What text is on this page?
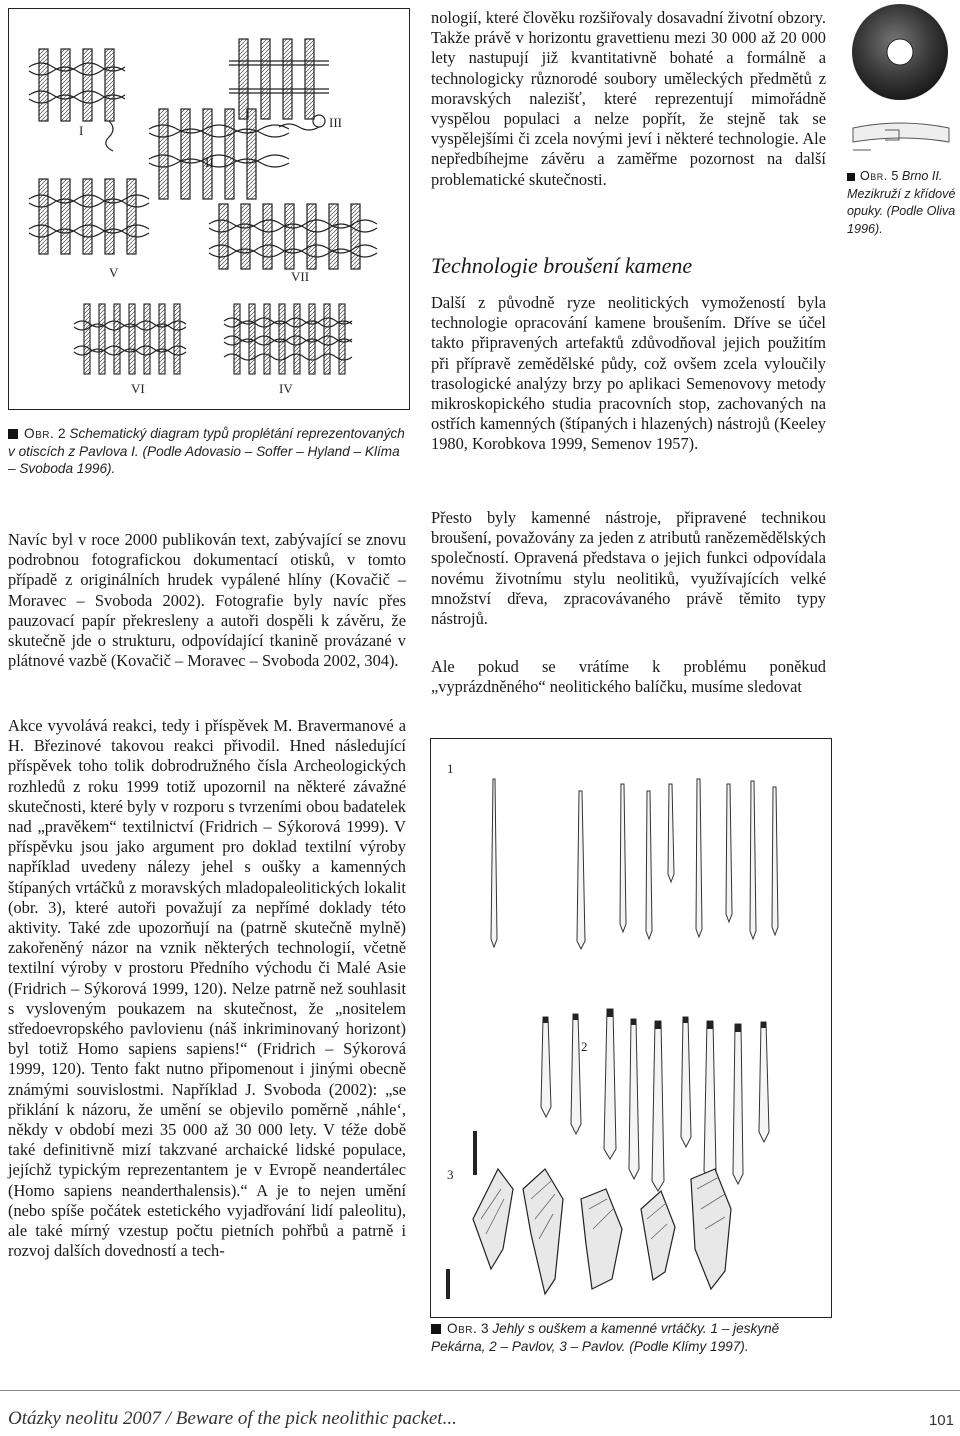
I
II
III
V	VII
VI	IV
Obr. 2 Schematický diagram typů proplétání reprezentovaných v otiscích z Pavlova I. (Podle Adovasio – Soffer – Hyland – Klíma – Svoboda 1996).

Navíc byl v roce 2000 publikován text, zabývající se znovu podrobnou fotografickou dokumentací otisků, v tomto případě z originálních hrudek vypálené hlíny (Kovačič – Moravec – Svoboda 2002). Fotografie byly navíc přes pauzovací papír překresleny a autoři dospěli k závěru, že skutečně jde o strukturu, odpovídající tkanině provázané v plátnové vazbě (Kovačič – Moravec – Svoboda 2002, 304).

Akce vyvolává reakci, tedy i příspěvek M. Bravermanové a H. Březinové takovou reakci přivodil. Hned následující příspěvek toho tolik dobrodružného čísla Archeologických rozhledů z roku 1999 totiž upozornil na některé závažné skutečnosti, které byly v rozporu s tvrzeními obou badatelek nad „pravěkem“ textilnictví (Fridrich – Sýkorová 1999). V příspěvku jsou jako argument pro doklad textilní výroby například uvedeny nálezy jehel s oušky a kamenných štípaných vrtáčků z moravských mladopaleolitických lokalit (obr. 3), které autoři považují za nepřímé doklady této aktivity. Také zde upozorňují na (patrně skutečně mylně) zakořeněný názor na vznik některých technologií, včetně textilní výroby v prostoru Předního východu či Malé Asie (Fridrich – Sýkorová 1999, 120). Nelze patrně než souhlasit s vysloveným poukazem na skutečnost, že „nositelem středoevropského pavlovienu (náš inkriminovaný horizont) byl totiž Homo sapiens sapiens!“ (Fridrich – Sýkorová 1999, 120). Tento fakt nutno připomenout i jinými obecně známými souvislostmi. Například J. Svoboda (2002): „se přiklání k názoru, že umění se objevilo poměrně ‚náhle‘, někdy v období mezi 35 000 až 30 000 lety. V téže době také definitivně mizí takzvané archaické lidské populace, jejíchž typickým reprezentantem je v Evropě neandertálec (Homo sapiens neanderthalensis).“ A je to nejen umění (nebo spíše počátek estetického vyjadřování lidí paleolitu), ale také mírný vzestup počtu pietních pohřbů a patrně i rozvoj dalších dovedností a tech-

nologií, které člověku rozšiřovaly dosavadní životní obzory. Takže právě v horizontu gravettienu mezi 30 000 až 20 000 lety nastupují již kvantitativně bohaté a formálně a technologicky různorodé soubory uměleckých předmětů z moravských nalezišť, které reprezentují mimořádně vyspělou populaci a nelze popřít, že stejně tak se vyspělejšími či zcela novými jeví i některé technologie. Ale nepředbíhejme závěru a zaměřme pozornost na další problematické skutečnosti.

Technologie broušení kamene

Další z původně ryze neolitických vymožeností byla technologie opracování kamene broušením. Dříve se účel takto připravených artefaktů zdůvodňoval jejich použitím při přípravě zemědělské půdy, což ovšem zcela vyloučily trasologické analýzy brzy po aplikaci Semenovovy metody mikroskopického studia pracovních stop, zachovaných na ostřích kamenných (štípaných i hlazených) nástrojů (Keeley 1980, Korobkova 1999, Semenov 1957).

Přesto byly kamenné nástroje, připravené technikou broušení, považovány za jeden z atributů ranězemědělských společností. Opravená představa o jejich funkci odpovídala novému životnímu stylu neolitiků, využívajících velké množství dřeva, zpracovávaného právě těmito typy nástrojů.

Ale pokud se vrátíme k problému poněkud „vyprázdněného“ neolitického balíčku, musíme sledovat

Obr. 5 Brno II. Mezikruží z křídové opuky. (Podle Oliva 1996).
1
2
3
Obr. 3 Jehly s ouškem a kamenné vrtáčky. 1 – jeskyně Pekárna, 2 – Pavlov, 3 – Pavlov. (Podle Klímy 1997).
Otázky neolitu 2007 / Beware of the pick neolithic packet...	101
